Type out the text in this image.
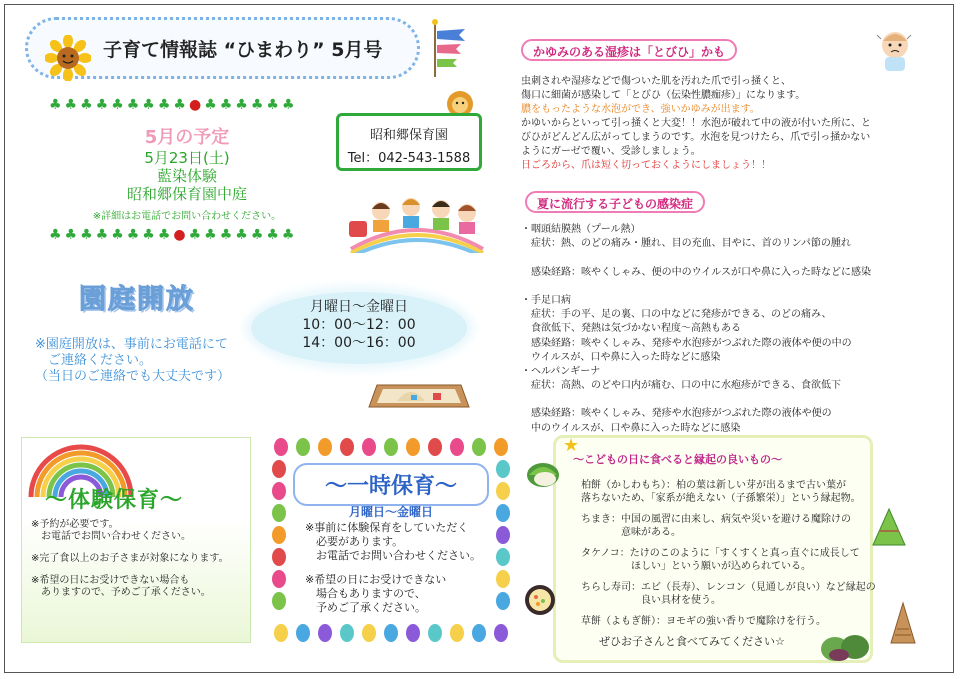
子育て情報誌 “ひまわり” 5月号
♣♣♣♣♣♣♣♣♣●♣♣♣♣♣♣
♣♣♣♣♣♣♣♣●♣♣♣♣♣♣♣
5月の予定
5月23日(土)
藍染体験
昭和郷保育園中庭
※詳細はお電話でお問い合わせください。
昭和郷保育園
Tel：042-543-1588
園庭開放
※園庭開放は、事前にお電話にて
　ご連絡ください。
（当日のご連絡でも大丈夫です）
月曜日～金曜日
10：00～12：00
14：00～16：00
～体験保育～

※予約が必要です。
　お電話でお問い合わせください。

※完了食以上のお子さまが対象になります。

※希望の日にお受けできない場合も
　ありますので、予めご了承ください。

～一時保育～
月曜日～金曜日

※事前に体験保育をしていただく
　必要があります。
　お電話でお問い合わせください。

※希望の日にお受けできない
　場合もありますので、
　予めご了承ください。

かゆみのある湿疹は「とびひ」かも
虫刺されや湿疹などで傷ついた肌を汚れた爪で引っ掻くと、
傷口に細菌が感染して「とびひ（伝染性膿痂疹）」になります。
膿をもったような水泡ができ、強いかゆみが出ます。
かゆいからといって引っ掻くと大変！！水泡が破れて中の液が付いた所に、と
びひがどんどん広がってしまうのです。水泡を見つけたら、爪で引っ掻かない
ようにガーゼで覆い、受診しましょう。
日ごろから、爪は短く切っておくようにしましょう！！
夏に流行する子どもの感染症
・咽頭結膜熱（プール熱）
　症状：熱、のどの痛み・腫れ、目の充血、目やに、首のリンパ節の腫れ
　感染経路：咳やくしゃみ、便の中のウイルスが口や鼻に入った時などに感染
・手足口病
　症状：手の平、足の裏、口の中などに発疹ができる、のどの痛み、
　食欲低下、発熱は気づかない程度～高熱もある
　感染経路：咳やくしゃみ、発疹や水泡疹がつぶれた際の液体や便の中の
　ウイルスが、口や鼻に入った時などに感染
・ヘルパンギーナ
　症状：高熱、のどや口内が痛む、口の中に水疱疹ができる、食欲低下
　感染経路：咳やくしゃみ、発疹や水泡疹がつぶれた際の液体や便の
　中のウイルスが、口や鼻に入った時などに感染
★
～こどもの日に食べると縁起の良いもの～
柏餅（かしわもち）：柏の葉は新しい芽が出るまで古い葉が
落ちないため、「家系が絶えない（子孫繁栄）」という縁起物。
ちまき：中国の風習に由来し、病気や災いを避ける魔除けの
　　　　意味がある。
タケノコ：たけのこのように「すくすくと真っ直ぐに成長して
　　　　　ほしい」という願いが込められている。
ちらし寿司：エビ（長寿）、レンコン（見通しが良い）など縁起の
　　　　　　良い具材を使う。
草餅（よもぎ餅）：ヨモギの強い香りで魔除けを行う。
ぜひお子さんと食べてみてください☆
